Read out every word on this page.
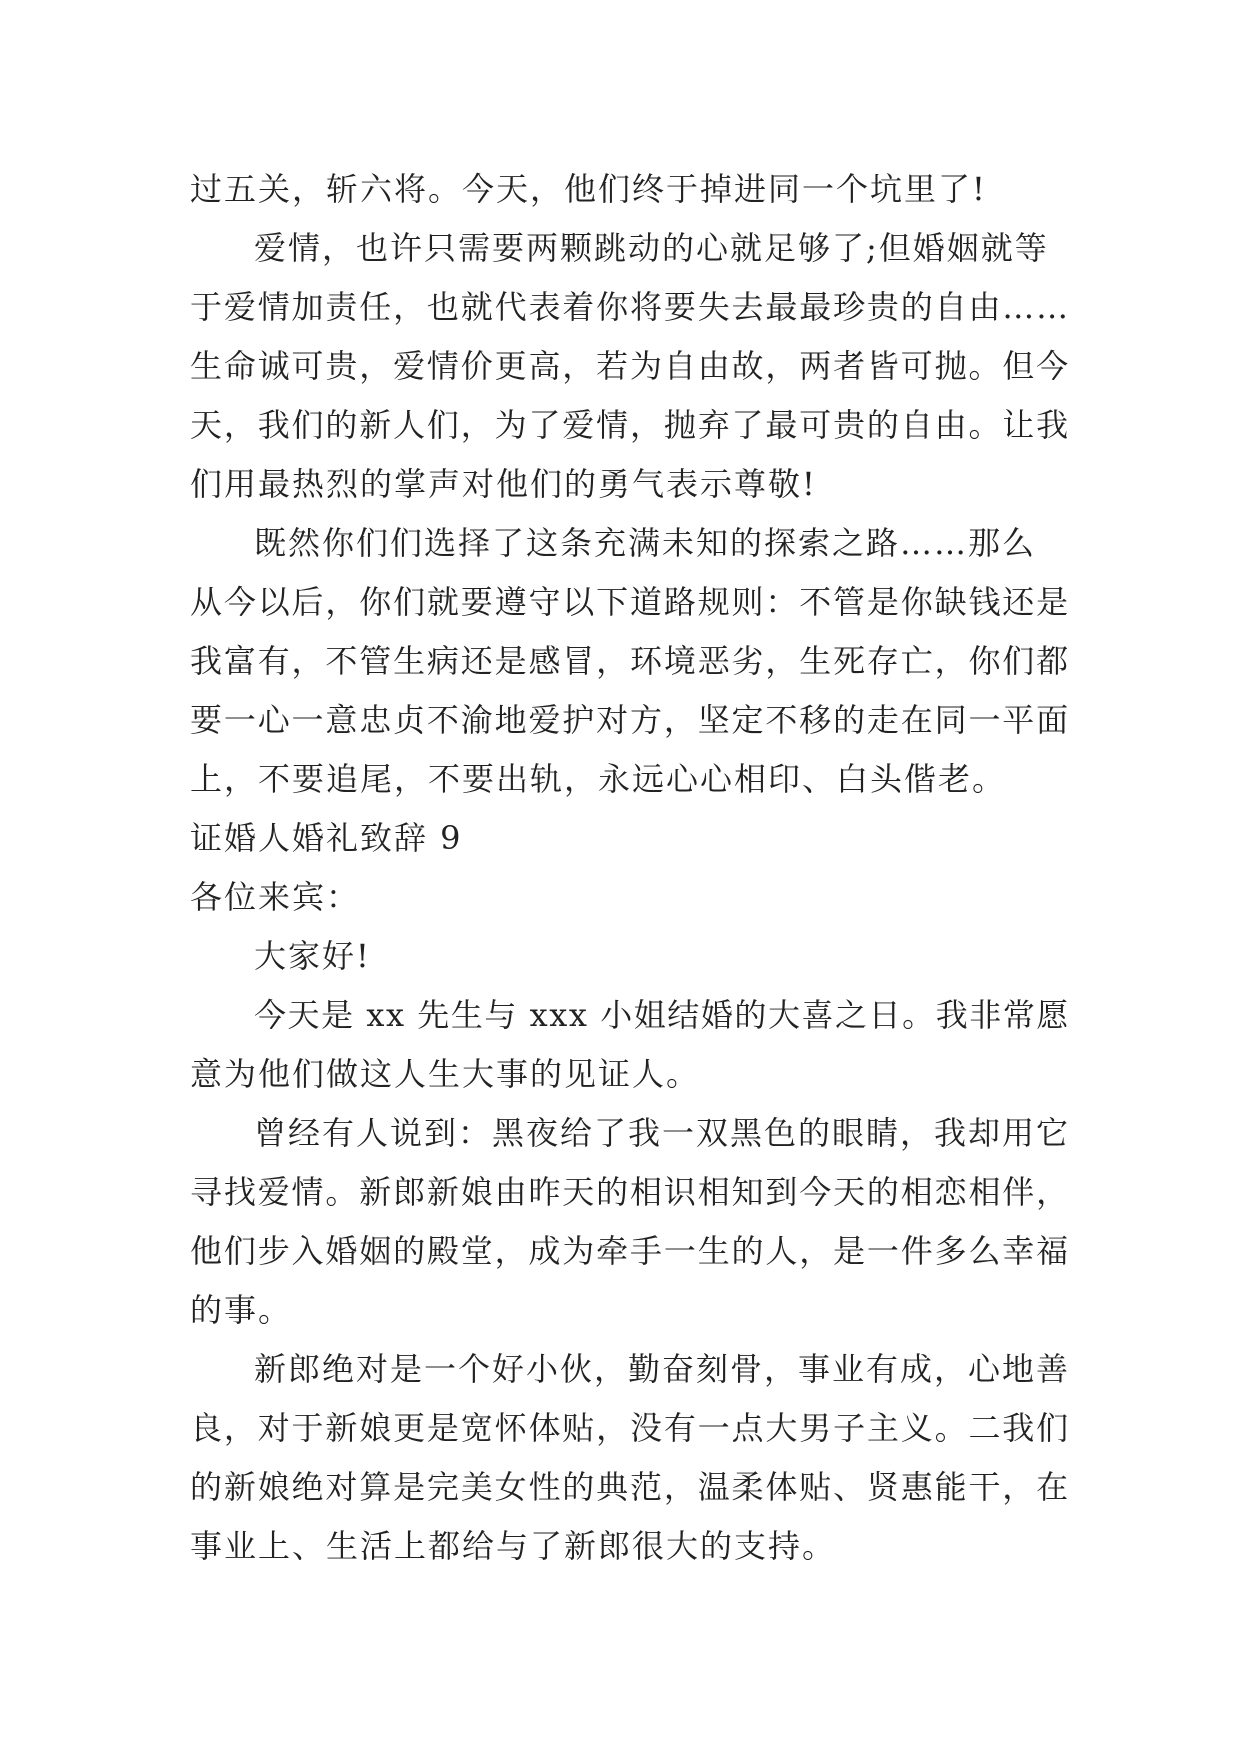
过五关，斩六将。今天，他们终于掉进同一个坑里了!
爱情，也许只需要两颗跳动的心就足够了;但婚姻就等
于爱情加责任，也就代表着你将要失去最最珍贵的自由……
生命诚可贵，爱情价更高，若为自由故，两者皆可抛。但今
天，我们的新人们，为了爱情，抛弃了最可贵的自由。让我
们用最热烈的掌声对他们的勇气表示尊敬!
既然你们们选择了这条充满未知的探索之路……那么
从今以后，你们就要遵守以下道路规则：不管是你缺钱还是
我富有，不管生病还是感冒，环境恶劣，生死存亡，你们都
要一心一意忠贞不渝地爱护对方，坚定不移的走在同一平面
上，不要追尾，不要出轨，永远心心相印、白头偕老。
证婚人婚礼致辞 9
各位来宾：
大家好!
今天是 xx 先生与 xxx 小姐结婚的大喜之日。我非常愿
意为他们做这人生大事的见证人。
曾经有人说到：黑夜给了我一双黑色的眼睛，我却用它
寻找爱情。新郎新娘由昨天的相识相知到今天的相恋相伴，
他们步入婚姻的殿堂，成为牵手一生的人，是一件多么幸福
的事。
新郎绝对是一个好小伙，勤奋刻骨，事业有成，心地善
良，对于新娘更是宽怀体贴，没有一点大男子主义。二我们
的新娘绝对算是完美女性的典范，温柔体贴、贤惠能干，在
事业上、生活上都给与了新郎很大的支持。
